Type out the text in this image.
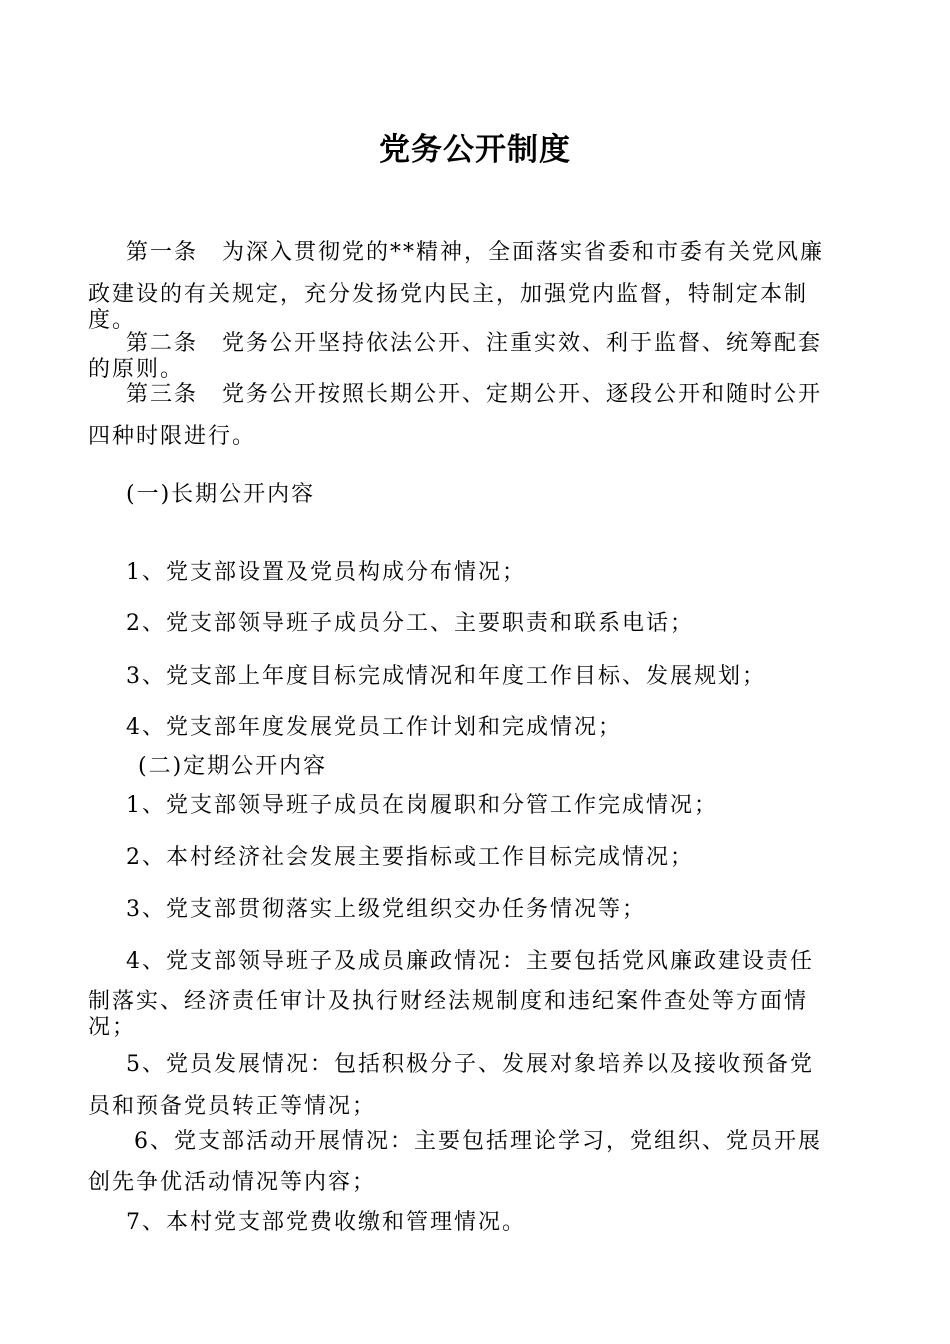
党务公开制度
第一条　为深入贯彻党的**精神，全面落实省委和市委有关党风廉
政建设的有关规定，充分发扬党内民主，加强党内监督，特制定本制
度。
第二条　党务公开坚持依法公开、注重实效、利于监督、统筹配套
的原则。
第三条　党务公开按照长期公开、定期公开、逐段公开和随时公开
四种时限进行。
(一)长期公开内容
1、党支部设置及党员构成分布情况；
2、党支部领导班子成员分工、主要职责和联系电话；
3、党支部上年度目标完成情况和年度工作目标、发展规划；
4、党支部年度发展党员工作计划和完成情况；
(二)定期公开内容
1、党支部领导班子成员在岗履职和分管工作完成情况；
2、本村经济社会发展主要指标或工作目标完成情况；
3、党支部贯彻落实上级党组织交办任务情况等；
4、党支部领导班子及成员廉政情况：主要包括党风廉政建设责任
制落实、经济责任审计及执行财经法规制度和违纪案件查处等方面情
况；
5、党员发展情况：包括积极分子、发展对象培养以及接收预备党
员和预备党员转正等情况；
6、党支部活动开展情况：主要包括理论学习，党组织、党员开展
创先争优活动情况等内容；
7、本村党支部党费收缴和管理情况。
